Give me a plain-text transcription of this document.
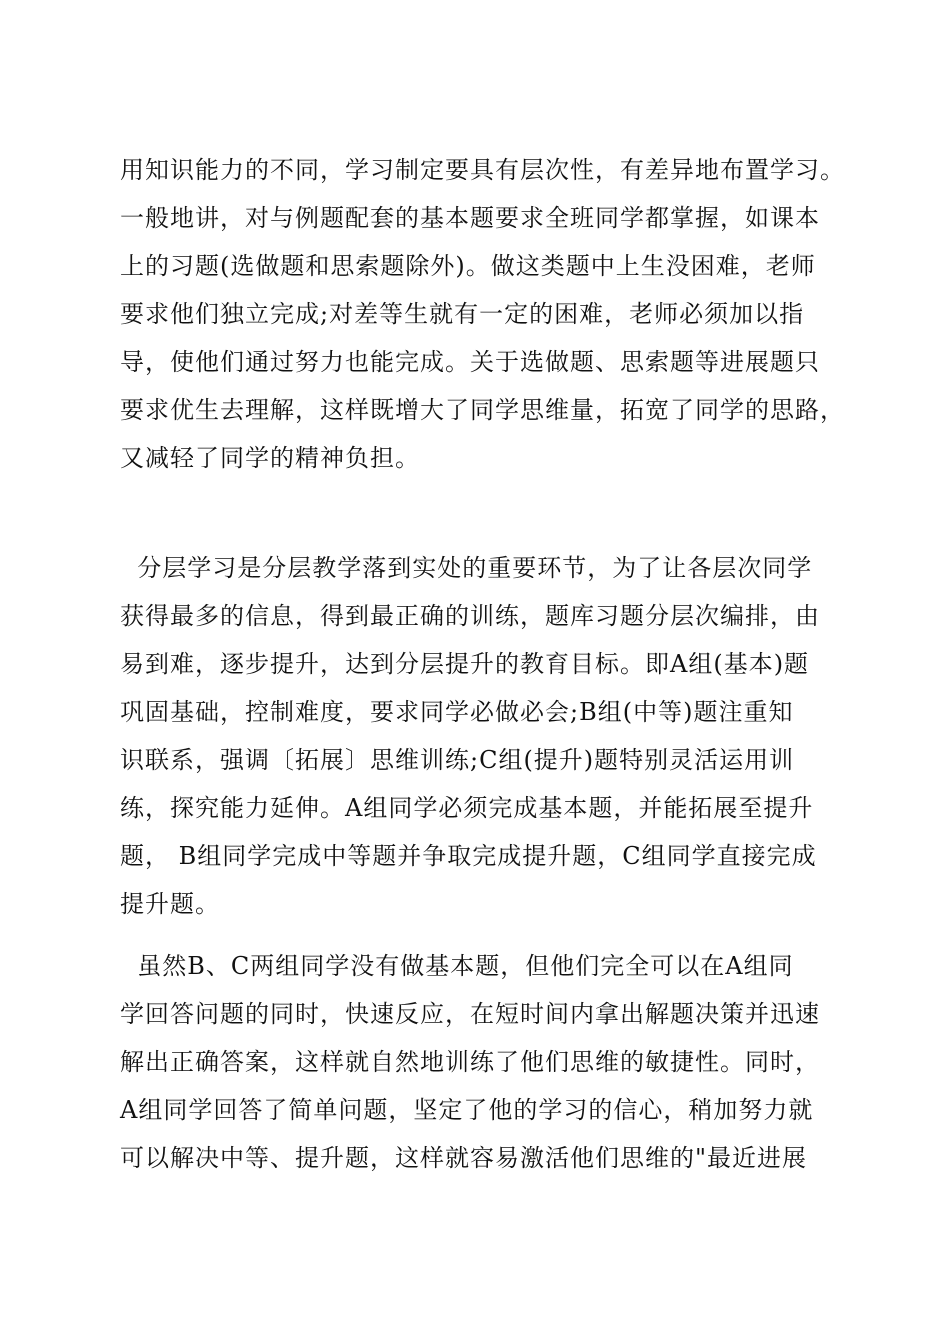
用知识能力的不同，学习制定要具有层次性，有差异地布置学习。
一般地讲，对与例题配套的基本题要求全班同学都掌握，如课本
上的习题(选做题和思索题除外)。做这类题中上生没困难，老师
要求他们独立完成;对差等生就有一定的困难，老师必须加以指
导，使他们通过努力也能完成。关于选做题、思索题等进展题只
要求优生去理解，这样既增大了同学思维量，拓宽了同学的思路，
又减轻了同学的精神负担。
分层学习是分层教学落到实处的重要环节，为了让各层次同学
获得最多的信息，得到最正确的训练，题库习题分层次编排，由
易到难，逐步提升，达到分层提升的教育目标。即A组(基本)题
巩固基础，控制难度，要求同学必做必会;B组(中等)题注重知
识联系，强调〔拓展〕思维训练;C组(提升)题特别灵活运用训
练，探究能力延伸。A组同学必须完成基本题，并能拓展至提升
题， B组同学完成中等题并争取完成提升题，C组同学直接完成
提升题。
虽然B、C两组同学没有做基本题，但他们完全可以在A组同
学回答问题的同时，快速反应，在短时间内拿出解题决策并迅速
解出正确答案，这样就自然地训练了他们思维的敏捷性。同时，
A组同学回答了简单问题，坚定了他的学习的信心，稍加努力就
可以解决中等、提升题，这样就容易激活他们思维的"最近进展
